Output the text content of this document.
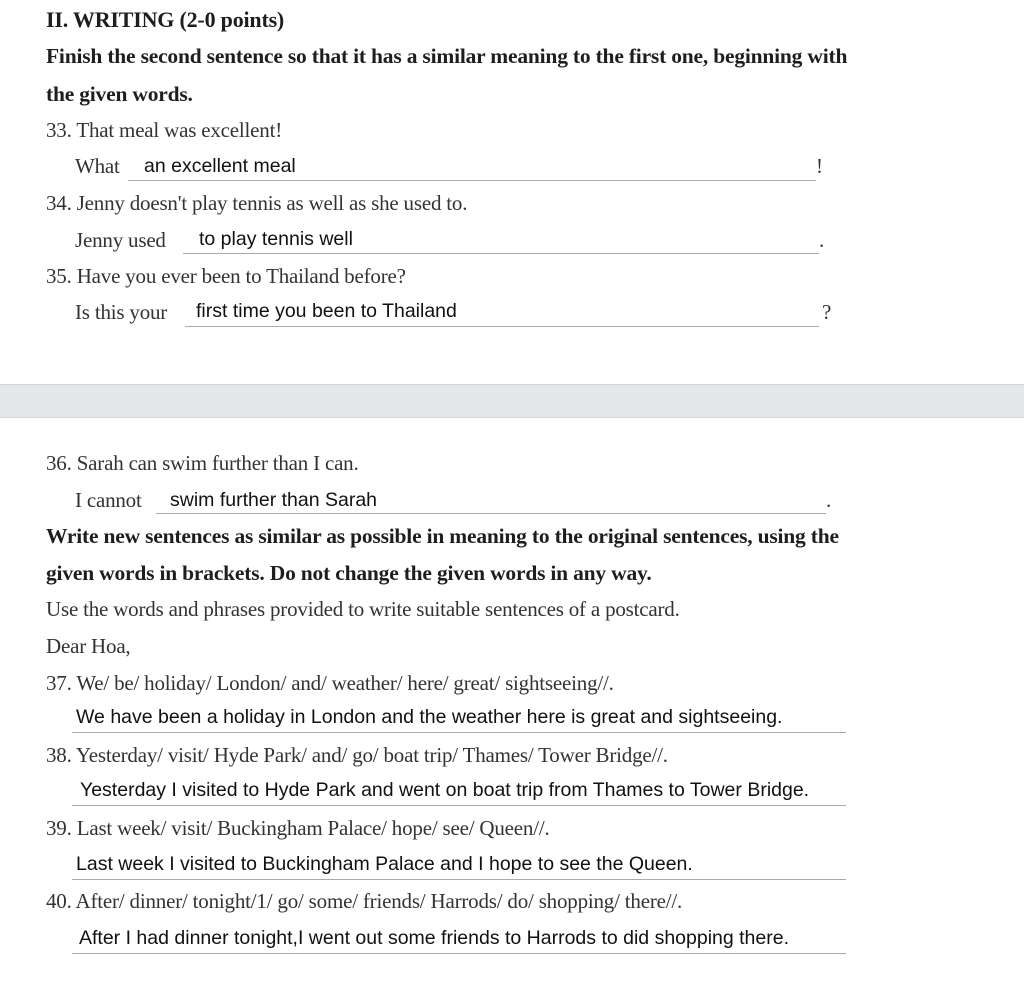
II. WRITING (2-0 points)
Finish the second sentence so that it has a similar meaning to the first one, beginning with
the given words.
33. That meal was excellent!
What an excellent meal	!
34. Jenny doesn't play tennis as well as she used to.
Jenny used to play tennis well	.
35. Have you ever been to Thailand before?
Is this your first time you been to Thailand	?
36. Sarah can swim further than I can.
I cannot swim further than Sarah	.
Write new sentences as similar as possible in meaning to the original sentences, using the
given words in brackets. Do not change the given words in any way.
Use the words and phrases provided to write suitable sentences of a postcard.
Dear Hoa,
37. We/ be/ holiday/ London/ and/ weather/ here/ great/ sightseeing//.
We have been a holiday in London and the weather here is great and sightseeing.
38. Yesterday/ visit/ Hyde Park/ and/ go/ boat trip/ Thames/ Tower Bridge//.
Yesterday I visited to Hyde Park and went on boat trip from Thames to Tower Bridge.
39. Last week/ visit/ Buckingham Palace/ hope/ see/ Queen//.
Last week I visited to Buckingham Palace and I hope to see the Queen.
40. After/ dinner/ tonight/1/ go/ some/ friends/ Harrods/ do/ shopping/ there//.
After I had dinner tonight,I went out some friends to Harrods to did shopping there.
